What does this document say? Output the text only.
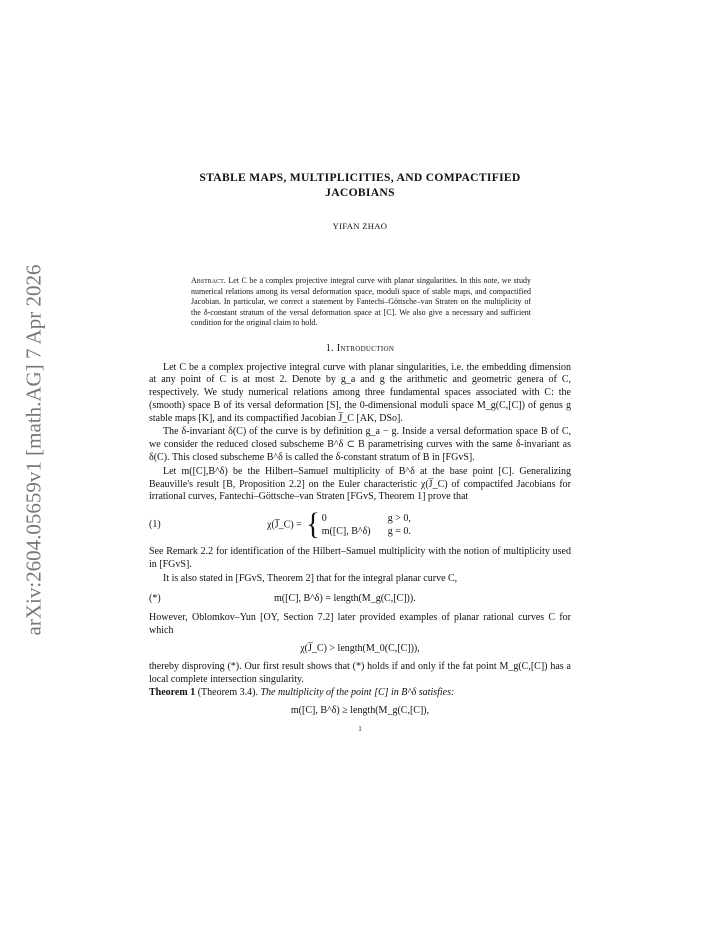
arXiv:2604.05659v1 [math.AG] 7 Apr 2026
STABLE MAPS, MULTIPLICITIES, AND COMPACTIFIED
JACOBIANS
YIFAN ZHAO
Abstract. Let C be a complex projective integral curve with planar singularities. In this note, we study numerical relations among its versal deformation space, moduli space of stable maps, and compactified Jacobian. In particular, we correct a statement by Fantechi–Göttsche–van Straten on the multiplicity of the δ-constant stratum of the versal deformation space at [C]. We also give a necessary and sufficient condition for the original claim to hold.
1. Introduction

Let C be a complex projective integral curve with planar singularities, i.e. the embedding dimension at any point of C is at most 2. Denote by g_a and g the arithmetic and geometric genera of C, respectively. We study numerical relations among three fundamental spaces associated with C: the (smooth) space B of its versal deformation [S], the 0-dimensional moduli space M_g(C,[C]) of genus g stable maps [K], and its compactified Jacobian J̅_C [AK, DSo].

The δ-invariant δ(C) of the curve is by definition g_a − g. Inside a versal deformation space B of C, we consider the reduced closed subscheme B^δ ⊂ B parametrising curves with the same δ-invariant as δ(C). This closed subscheme B^δ is called the δ-constant stratum of B in [FGvS].

Let m([C],B^δ) be the Hilbert–Samuel multiplicity of B^δ at the base point [C]. Generalizing Beauville's result [B, Proposition 2.2] on the Euler characteristic χ(J̅_C) of compactifed Jacobians for irrational curves, Fantechi–Göttsche–van Straten [FGvS, Theorem 1] prove that

(1)	χ(J̅_C) = { 0	g > 0,
m([C], B^δ) g = 0.

See Remark 2.2 for identification of the Hilbert–Samuel multiplicity with the notion of multiplicity used in [FGvS].

It is also stated in [FGvS, Theorem 2] that for the integral planar curve C,

(*)	m([C], B^δ) = length(M_g(C,[C])).

However, Oblomkov–Yun [OY, Section 7.2] later provided examples of planar rational curves C for which

χ(J̅_C) > length(M_0(C,[C])),

thereby disproving (*). Our first result shows that (*) holds if and only if the fat point M_g(C,[C]) has a local complete intersection singularity.

Theorem 1 (Theorem 3.4). The multiplicity of the point [C] in B^δ satisfies:

m([C], B^δ) ≥ length(M_g(C,[C]),
1
